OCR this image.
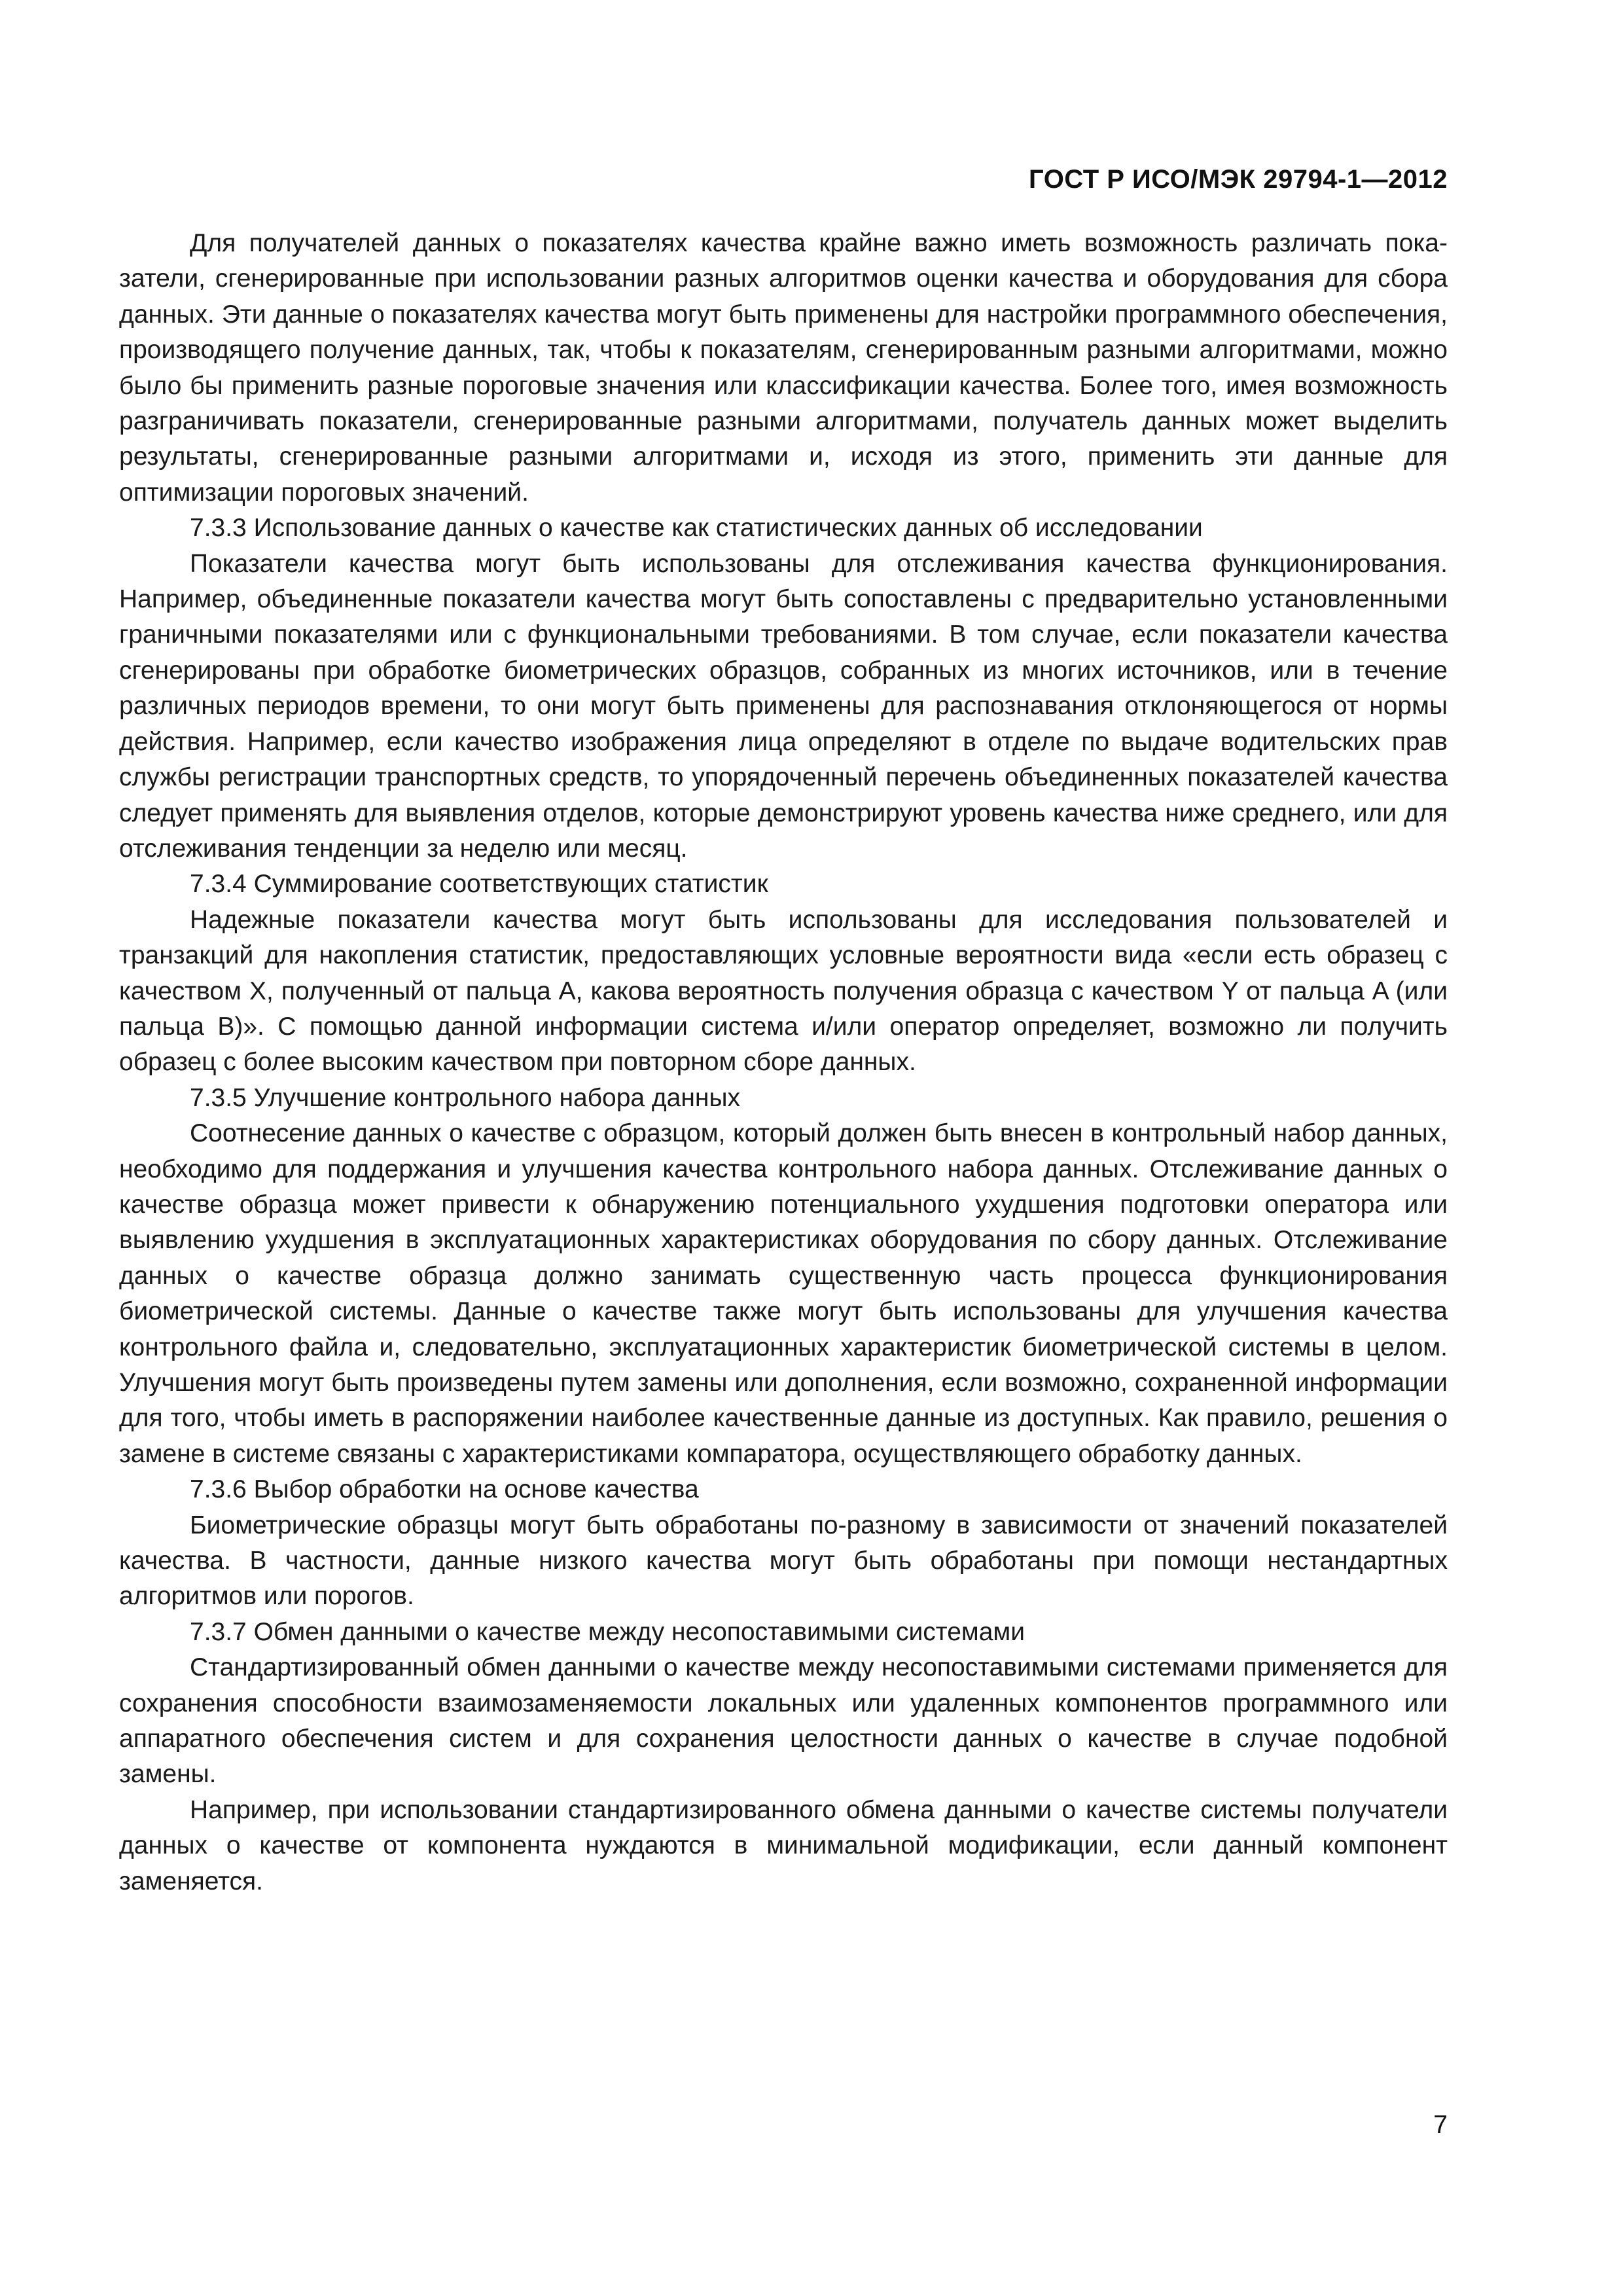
ГОСТ Р ИСО/МЭК 29794-1—2012

Для получателей данных о показателях качества крайне важно иметь возможность различать показатели, сгенерированные при использовании разных алгоритмов оценки качества и оборудования для сбора данных. Эти данные о показателях качества могут быть применены для настройки программного обеспечения, производящего получение данных, так, чтобы к показателям, сгенерированным разными алгоритмами, можно было бы применить разные пороговые значения или классификации качества. Более того, имея возможность разграничивать показатели, сгенерированные разными алгоритмами, получатель данных может выделить результаты, сгенерированные разными алгоритмами и, исходя из этого, применить эти данные для оптимизации пороговых значений.

7.3.3 Использование данных о качестве как статистических данных об исследовании

Показатели качества могут быть использованы для отслеживания качества функционирования. Например, объединенные показатели качества могут быть сопоставлены с предварительно установленными граничными показателями или с функциональными требованиями. В том случае, если показатели качества сгенерированы при обработке биометрических образцов, собранных из многих источников, или в течение различных периодов времени, то они могут быть применены для распознавания отклоняющегося от нормы действия. Например, если качество изображения лица определяют в отделе по выдаче водительских прав службы регистрации транспортных средств, то упорядоченный перечень объединенных показателей качества следует применять для выявления отделов, которые демонстрируют уровень качества ниже среднего, или для отслеживания тенденции за неделю или месяц.

7.3.4 Суммирование соответствующих статистик

Надежные показатели качества могут быть использованы для исследования пользователей и транзакций для накопления статистик, предоставляющих условные вероятности вида «если есть образец с качеством X, полученный от пальца A, какова вероятность получения образца с качеством Y от пальца A (или пальца B)». С помощью данной информации система и/или оператор определяет, возможно ли получить образец с более высоким качеством при повторном сборе данных.

7.3.5 Улучшение контрольного набора данных

Соотнесение данных о качестве с образцом, который должен быть внесен в контрольный набор данных, необходимо для поддержания и улучшения качества контрольного набора данных. Отслеживание данных о качестве образца может привести к обнаружению потенциального ухудшения подготовки оператора или выявлению ухудшения в эксплуатационных характеристиках оборудования по сбору данных. Отслеживание данных о качестве образца должно занимать существенную часть процесса функционирования биометрической системы. Данные о качестве также могут быть использованы для улучшения качества контрольного файла и, следовательно, эксплуатационных характеристик биометрической системы в целом. Улучшения могут быть произведены путем замены или дополнения, если возможно, сохраненной информации для того, чтобы иметь в распоряжении наиболее качественные данные из доступных. Как правило, решения о замене в системе связаны с характеристиками компаратора, осуществляющего обработку данных.

7.3.6 Выбор обработки на основе качества

Биометрические образцы могут быть обработаны по-разному в зависимости от значений показателей качества. В частности, данные низкого качества могут быть обработаны при помощи нестандартных алгоритмов или порогов.

7.3.7 Обмен данными о качестве между несопоставимыми системами

Стандартизированный обмен данными о качестве между несопоставимыми системами применяется для сохранения способности взаимозаменяемости локальных или удаленных компонентов программного или аппаратного обеспечения систем и для сохранения целостности данных о качестве в случае подобной замены.

Например, при использовании стандартизированного обмена данными о качестве системы получатели данных о качестве от компонента нуждаются в минимальной модификации, если данный компонент заменяется.

7
